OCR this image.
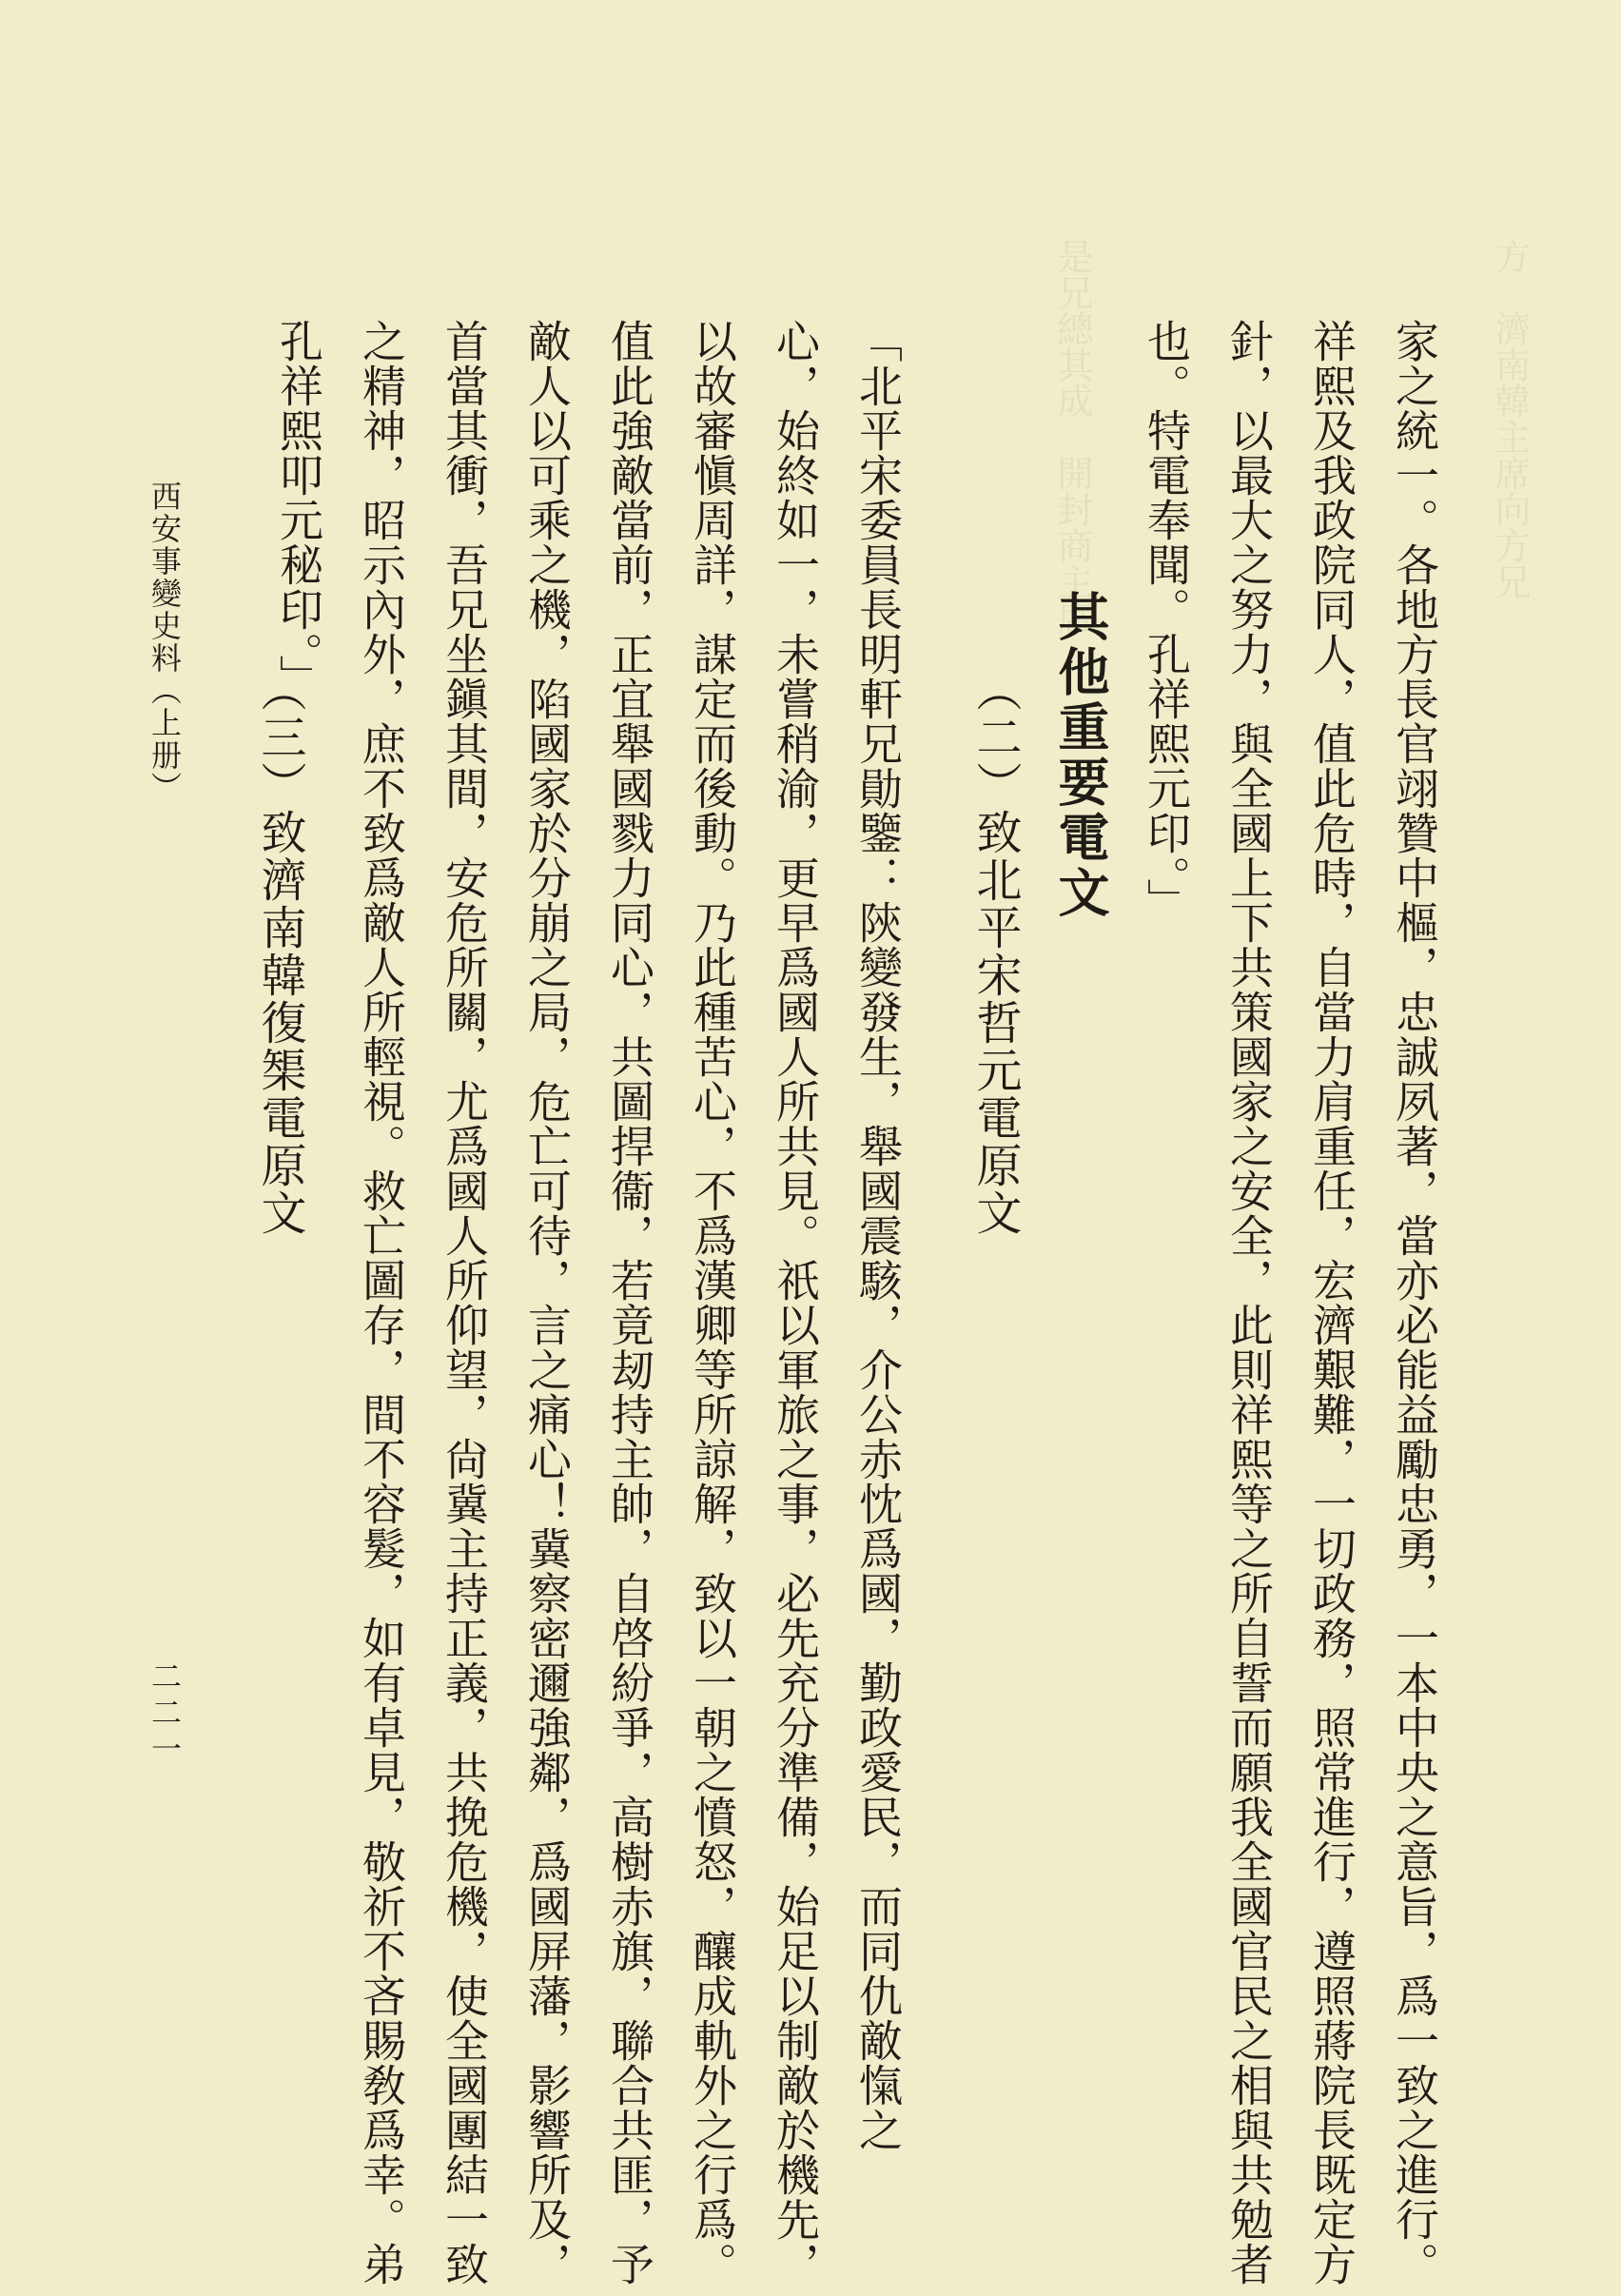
方　濟南韓主席向方兄
是兄總其成　開封商主席	家之統一。各地方長官翊贊中樞，忠誠夙著，當亦必能益勵忠勇，一本中央之意旨，爲一致之進行。
祥熙及我政院同人，值此危時，自當力肩重任，宏濟艱難，一切政務，照常進行，遵照蔣院長既定方
針，以最大之努力，與全國上下共策國家之安全，此則祥熙等之所自誓而願我全國官民之相與共勉者
也。特電奉聞。孔祥熙元印。」
其他重要電文
（二）致北平宋哲元電原文
「北平宋委員長明軒兄勛鑒：陝變發生，舉國震駭，介公赤忱爲國，勤政愛民，而同仇敵愾之
心，始終如一，未嘗稍渝，更早爲國人所共見。祇以軍旅之事，必先充分準備，始足以制敵於機先，
以故審愼周詳，謀定而後動。乃此種苦心，不爲漢卿等所諒解，致以一朝之憤怒，釀成軌外之行爲。
值此強敵當前，正宜舉國戮力同心，共圖捍衞，若竟刼持主帥，自啓紛爭，高樹赤旗，聯合共匪，予
敵人以可乘之機，陷國家於分崩之局，危亡可待，言之痛心！冀察密邇強鄰，爲國屏藩，影響所及，
首當其衝，吾兄坐鎭其間，安危所關，尤爲國人所仰望，尙冀主持正義，共挽危機，使全國團結一致
之精神，昭示內外，庶不致爲敵人所輕視。救亡圖存，間不容髮，如有卓見，敬祈不吝賜敎爲幸。弟
孔祥熙叩元秘印。」
（三）致濟南韓復榘電原文
西安事變史料（上册）
二二一
